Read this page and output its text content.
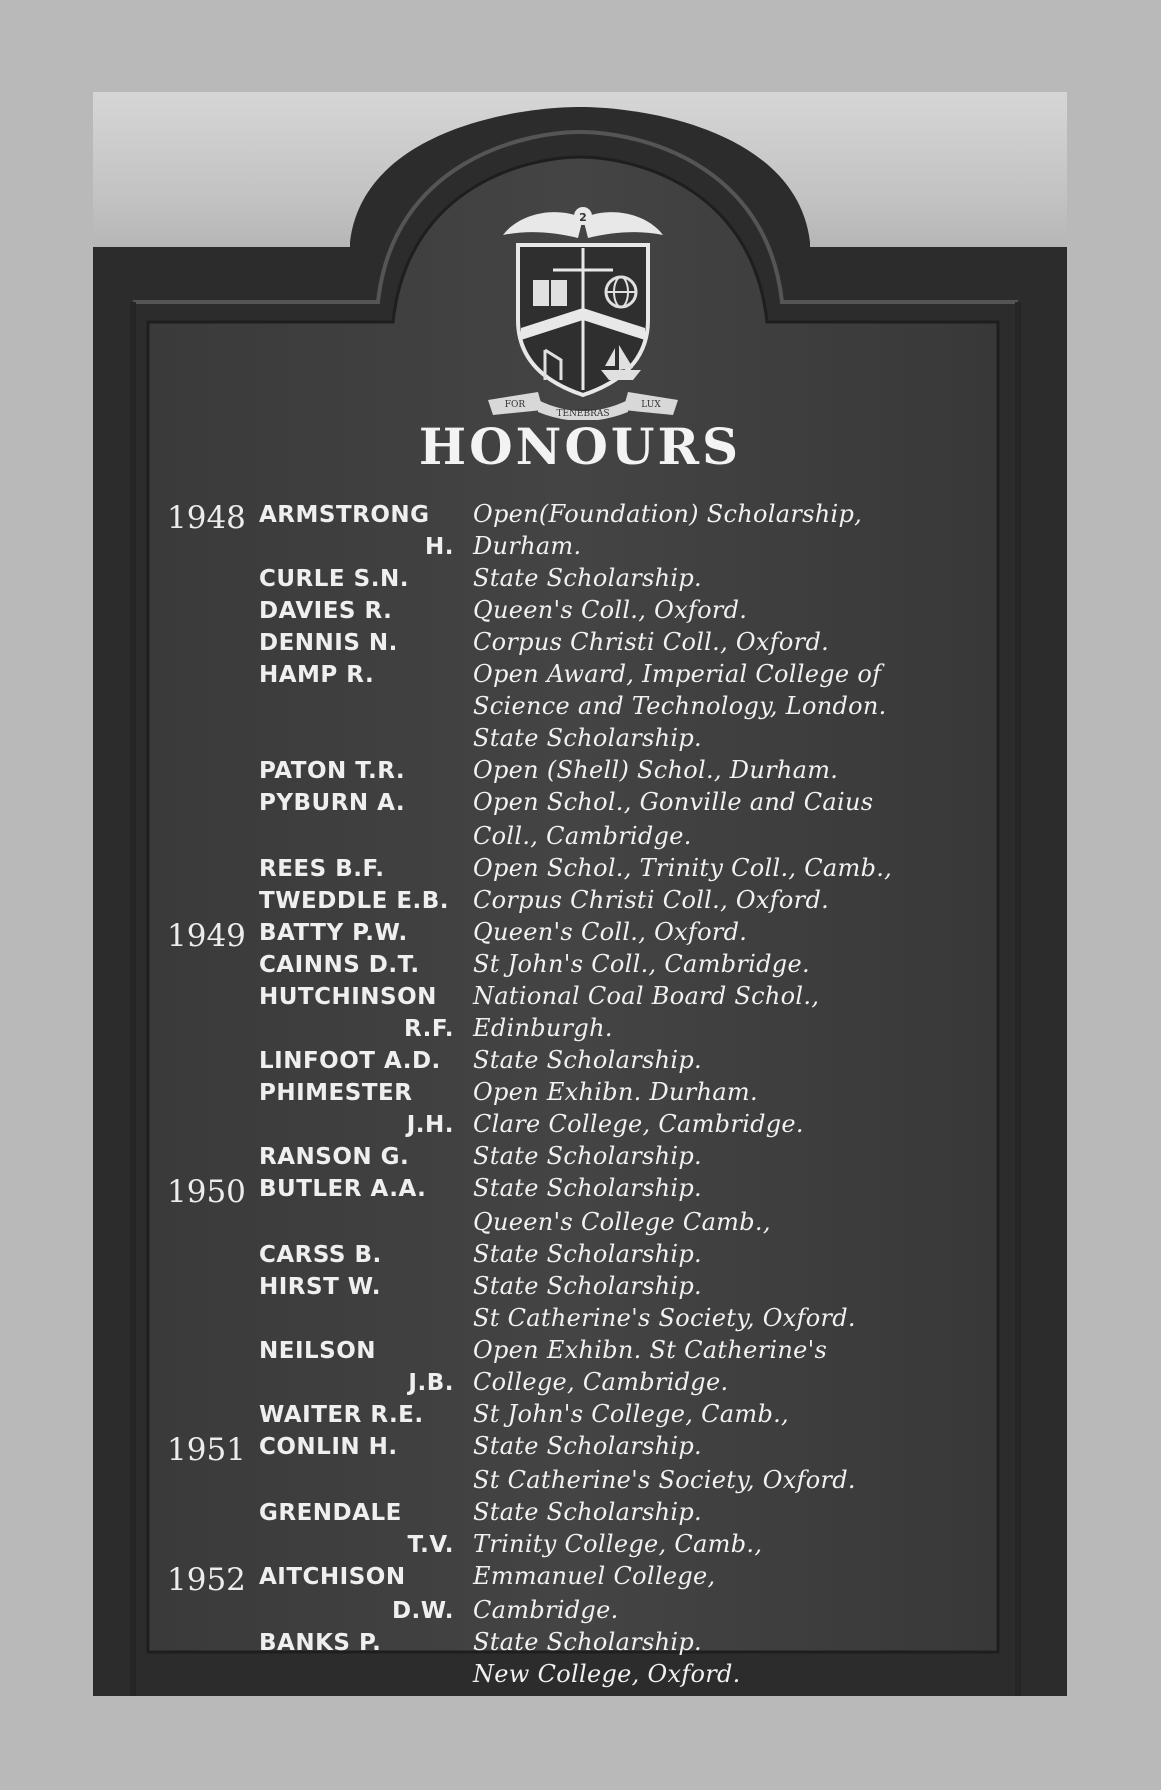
FOR
TENEBRAS
LUX
2
HONOURS
1948 ARMSTRONG Open(Foundation) Scholarship,
H. Durham.
CURLE S.N.	State Scholarship.
DAVIES R.	Queen's Coll., Oxford.
DENNIS N.	Corpus Christi Coll., Oxford.
HAMP R.	Open Award, Imperial College of
Science and Technology, London.
State Scholarship.
PATON T.R.	Open (Shell) Schol., Durham.
PYBURN A.	Open Schol., Gonville and Caius
Coll., Cambridge.
REES B.F.	Open Schol., Trinity Coll., Camb.,
TWEDDLE E.B. Corpus Christi Coll., Oxford.
1949 BATTY P.W.	Queen's Coll., Oxford.
CAINNS D.T. St John's Coll., Cambridge.
HUTCHINSON National Coal Board Schol.,
R.F. Edinburgh.
LINFOOT A.D. State Scholarship.
PHIMESTER	Open Exhibn. Durham.
J.H. Clare College, Cambridge.
RANSON G.	State Scholarship.
1950 BUTLER A.A. State Scholarship.
Queen's College Camb.,
CARSS B.	State Scholarship.
HIRST W.	State Scholarship.
St Catherine's Society, Oxford.
NEILSON	Open Exhibn. St Catherine's
J.B. College, Cambridge.
WAITER R.E. St John's College, Camb.,
1951 CONLIN H.	State Scholarship.
St Catherine's Society, Oxford.
GRENDALE	State Scholarship.
T.V. Trinity College, Camb.,
1952 AITCHISON	Emmanuel College,
D.W. Cambridge.
BANKS P.	State Scholarship.
New College, Oxford.
